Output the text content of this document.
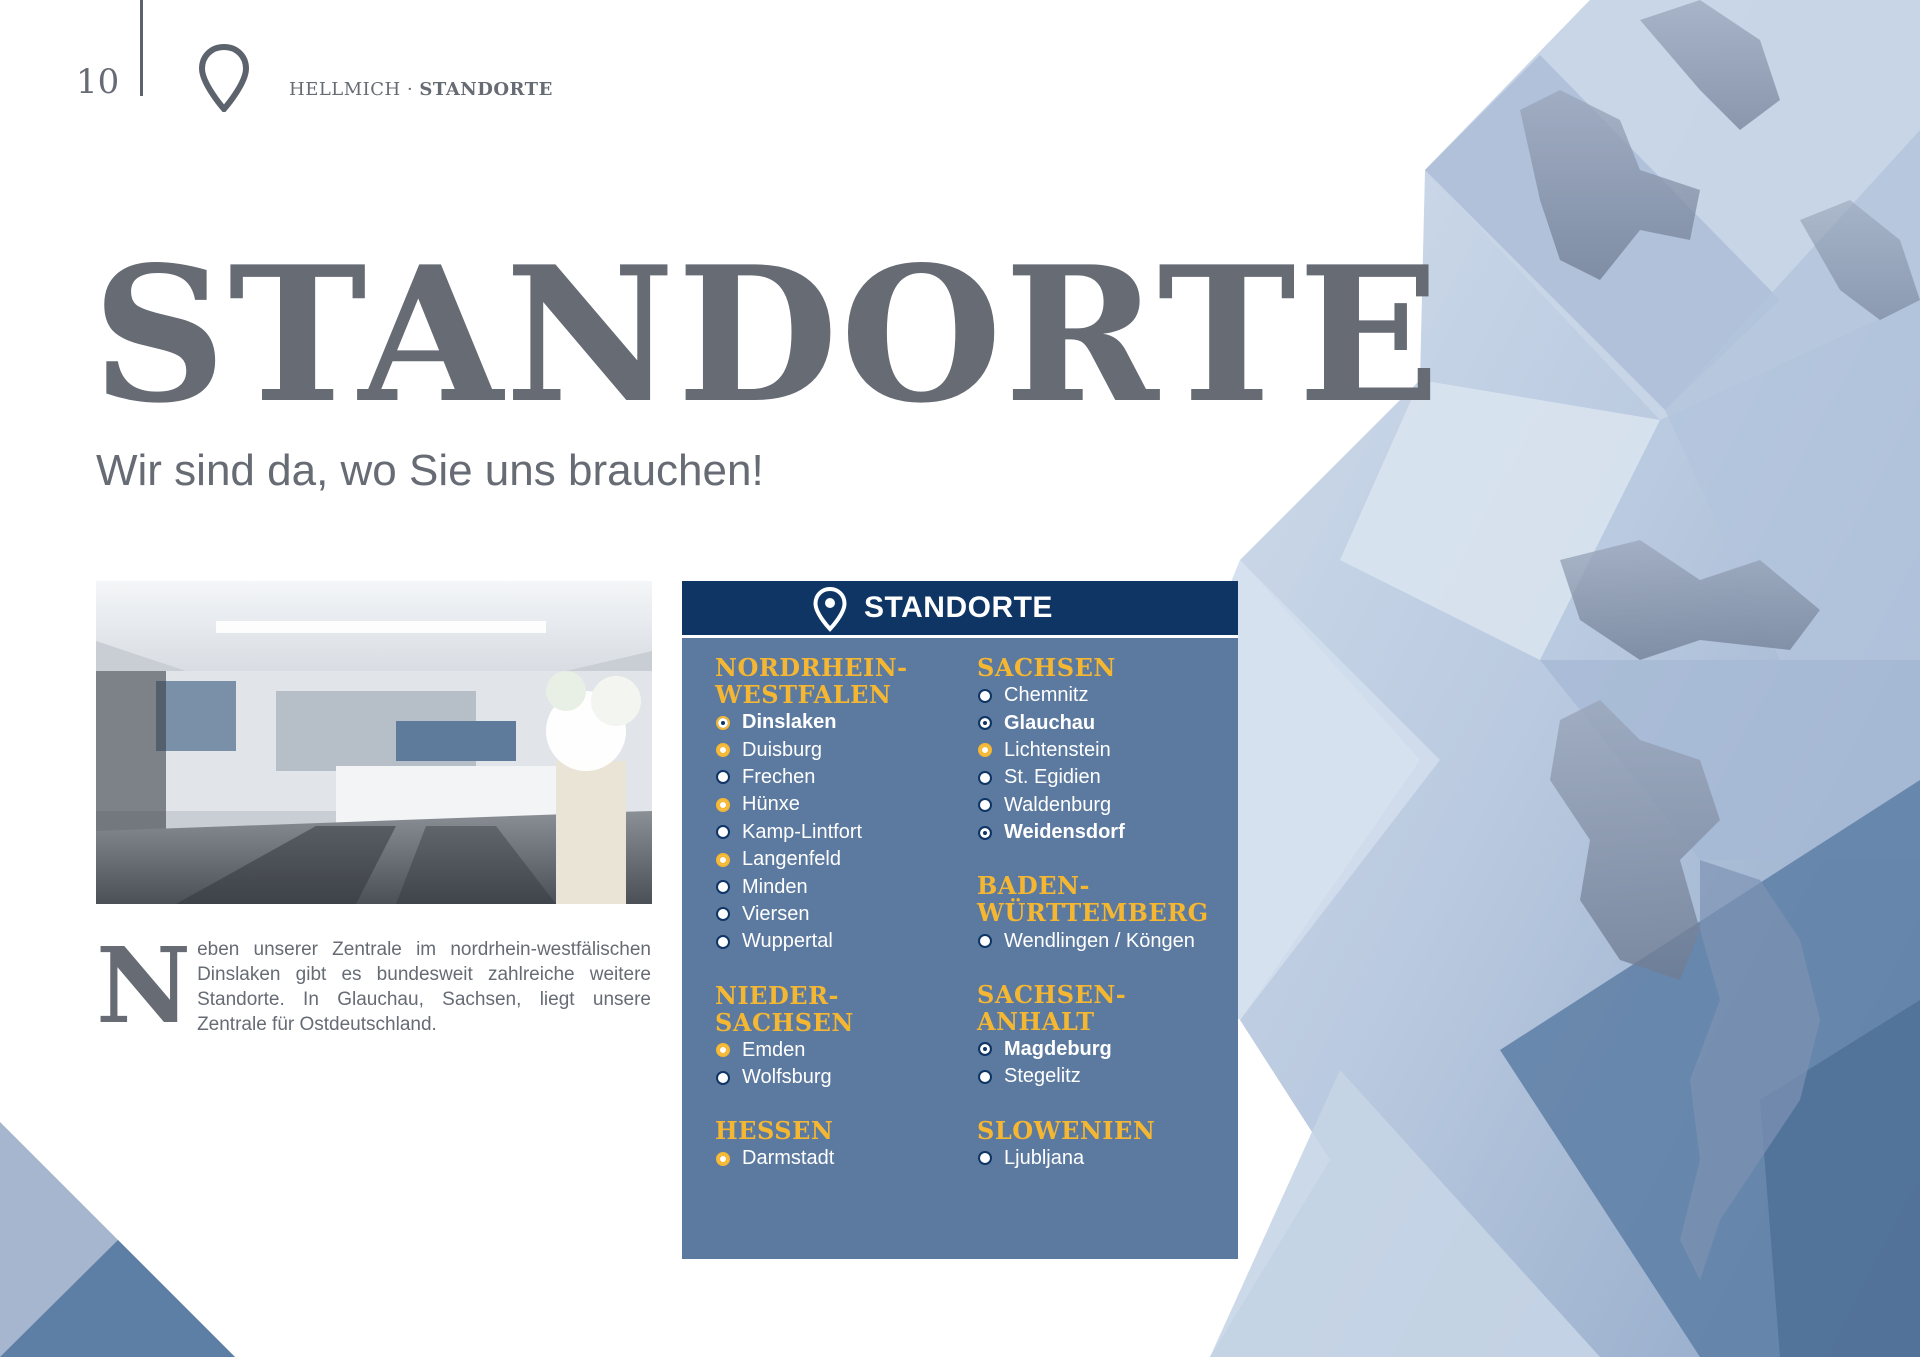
10	HELLMICH · STANDORTE
STANDORTE
Wir sind da, wo Sie uns brauchen!
N eben unserer Zentrale im nordrhein-westfälischen Dinslaken gibt es bundesweit zahlreiche weitere Standorte. In Glauchau, Sachsen, liegt unsere Zentrale für Ostdeutschland.

STANDORTE
NORDRHEIN-
WESTFALEN
Dinslaken
Duisburg
Frechen
Hünxe
Kamp-Lintfort
Langenfeld
Minden
Viersen
Wuppertal
NIEDER-
SACHSEN
Emden
Wolfsburg
HESSEN
Darmstadt
SACHSEN
Chemnitz
Glauchau
Lichtenstein
St. Egidien
Waldenburg
Weidensdorf
BADEN-
WÜRTTEMBERG
Wendlingen / Köngen
SACHSEN-
ANHALT
Magdeburg
Stegelitz
SLOWENIEN
Ljubljana
